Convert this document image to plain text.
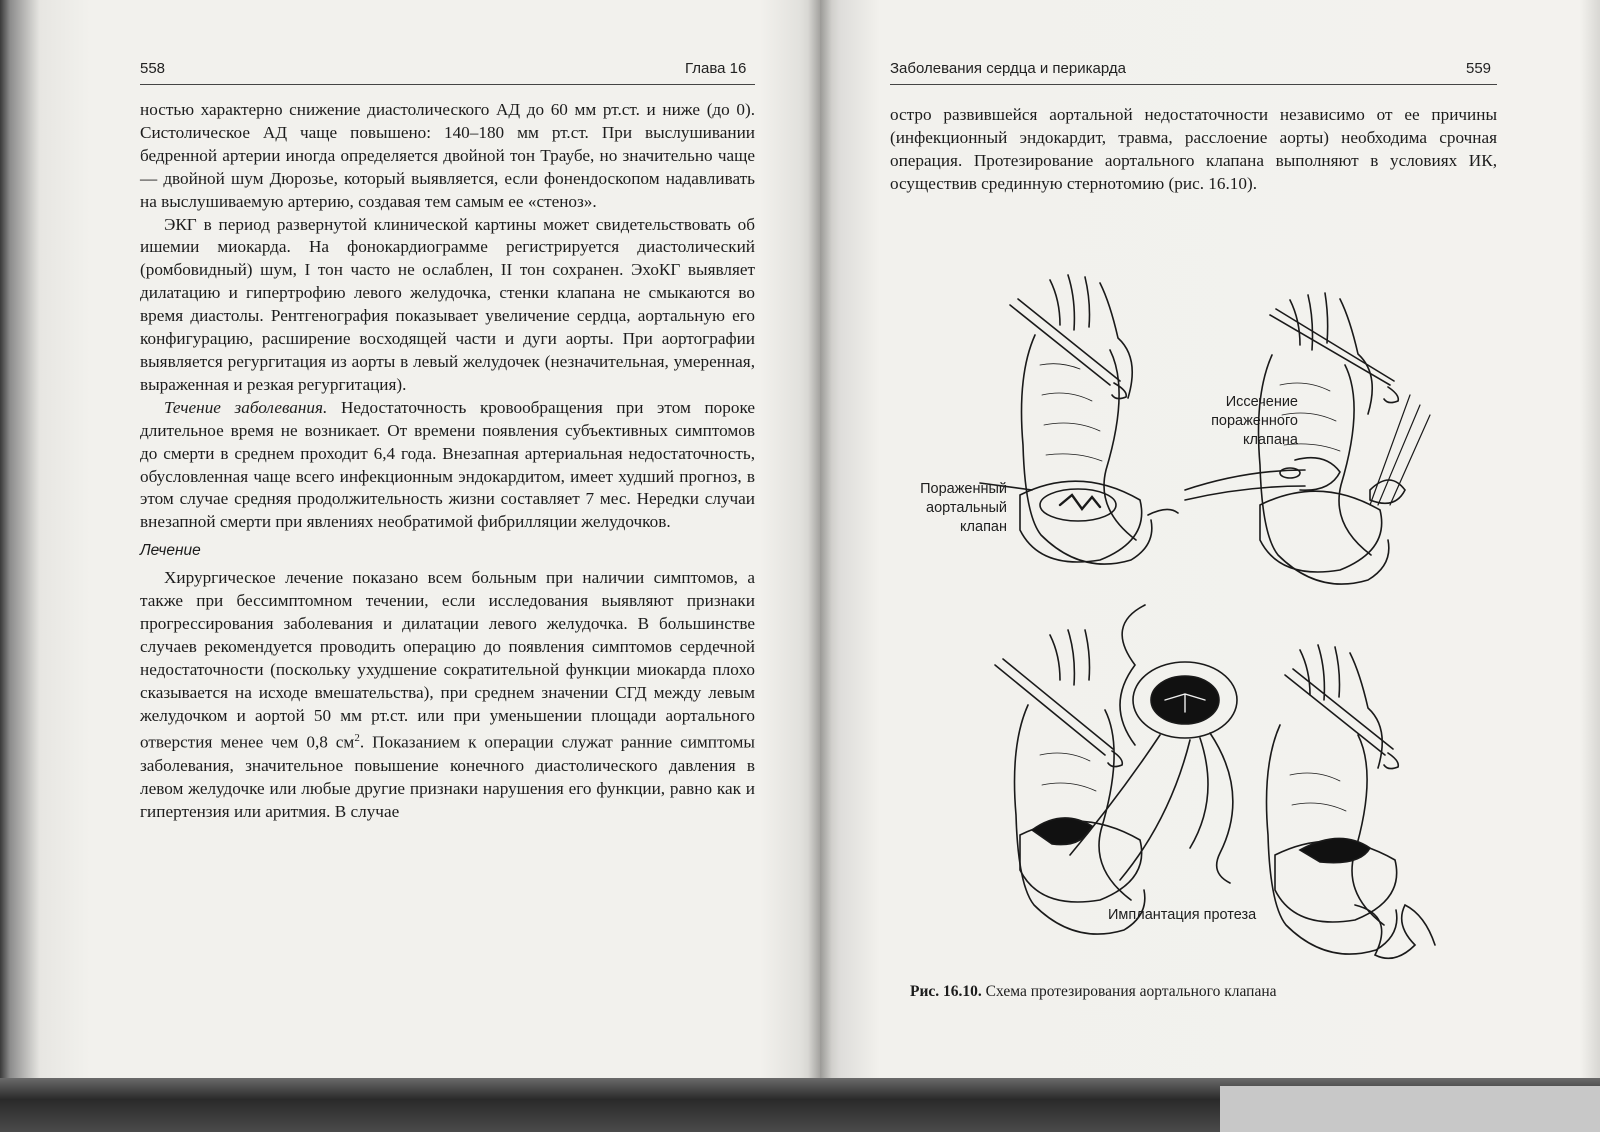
558	Глава 16

ностью характерно снижение диастолического АД до 60 мм рт.ст. и ниже (до 0). Систолическое АД чаще повышено: 140–180 мм рт.ст. При выслушивании бедренной артерии иногда определяется двойной тон Траубе, но значительно чаще — двойной шум Дюрозье, который выявляется, если фонендоскопом надавливать на выслушиваемую артерию, создавая тем самым ее «стеноз».

ЭКГ в период развернутой клинической картины может свидетельствовать об ишемии миокарда. На фонокардиограмме регистрируется диастолический (ромбовидный) шум, I тон часто не ослаблен, II тон сохранен. ЭхоКГ выявляет дилатацию и гипертрофию левого желудочка, стенки клапана не смыкаются во время диастолы. Рентгенография показывает увеличение сердца, аортальную его конфигурацию, расширение восходящей части и дуги аорты. При аортографии выявляется регургитация из аорты в левый желудочек (незначительная, умеренная, выраженная и резкая регургитация).

Течение заболевания. Недостаточность кровообращения при этом пороке длительное время не возникает. От времени появления субъективных симптомов до смерти в среднем проходит 6,4 года. Внезапная артериальная недостаточность, обусловленная чаще всего инфекционным эндокардитом, имеет худший прогноз, в этом случае средняя продолжительность жизни составляет 7 мес. Нередки случаи внезапной смерти при явлениях необратимой фибрилляции желудочков.

Лечение

Хирургическое лечение показано всем больным при наличии симптомов, а также при бессимптомном течении, если исследования выявляют признаки прогрессирования заболевания и дилатации левого желудочка. В большинстве случаев рекомендуется проводить операцию до появления симптомов сердечной недостаточности (поскольку ухудшение сократительной функции миокарда плохо сказывается на исходе вмешательства), при среднем значении СГД между левым желудочком и аортой 50 мм рт.ст. или при уменьшении площади аортального отверстия менее чем 0,8 $см^2$. Показанием к операции служат ранние симптомы заболевания, значительное повышение конечного диастолического давления в левом желудочке или любые другие признаки нарушения его функции, равно как и гипертензия или аритмия. В случае

Заболевания сердца и перикарда	559

остро развившейся аортальной недостаточности независимо от ее причины (инфекционный эндокардит, травма, расслоение аорты) необходима срочная операция. Протезирование аортального клапана выполняют в условиях ИК, осуществив срединную стернотомию (рис. 16.10).

Пораженный
аортальный
клапан
Иссечение
пораженного
клапана
Имплантация протеза
Рис. 16.10. Схема протезирования аортального клапана
